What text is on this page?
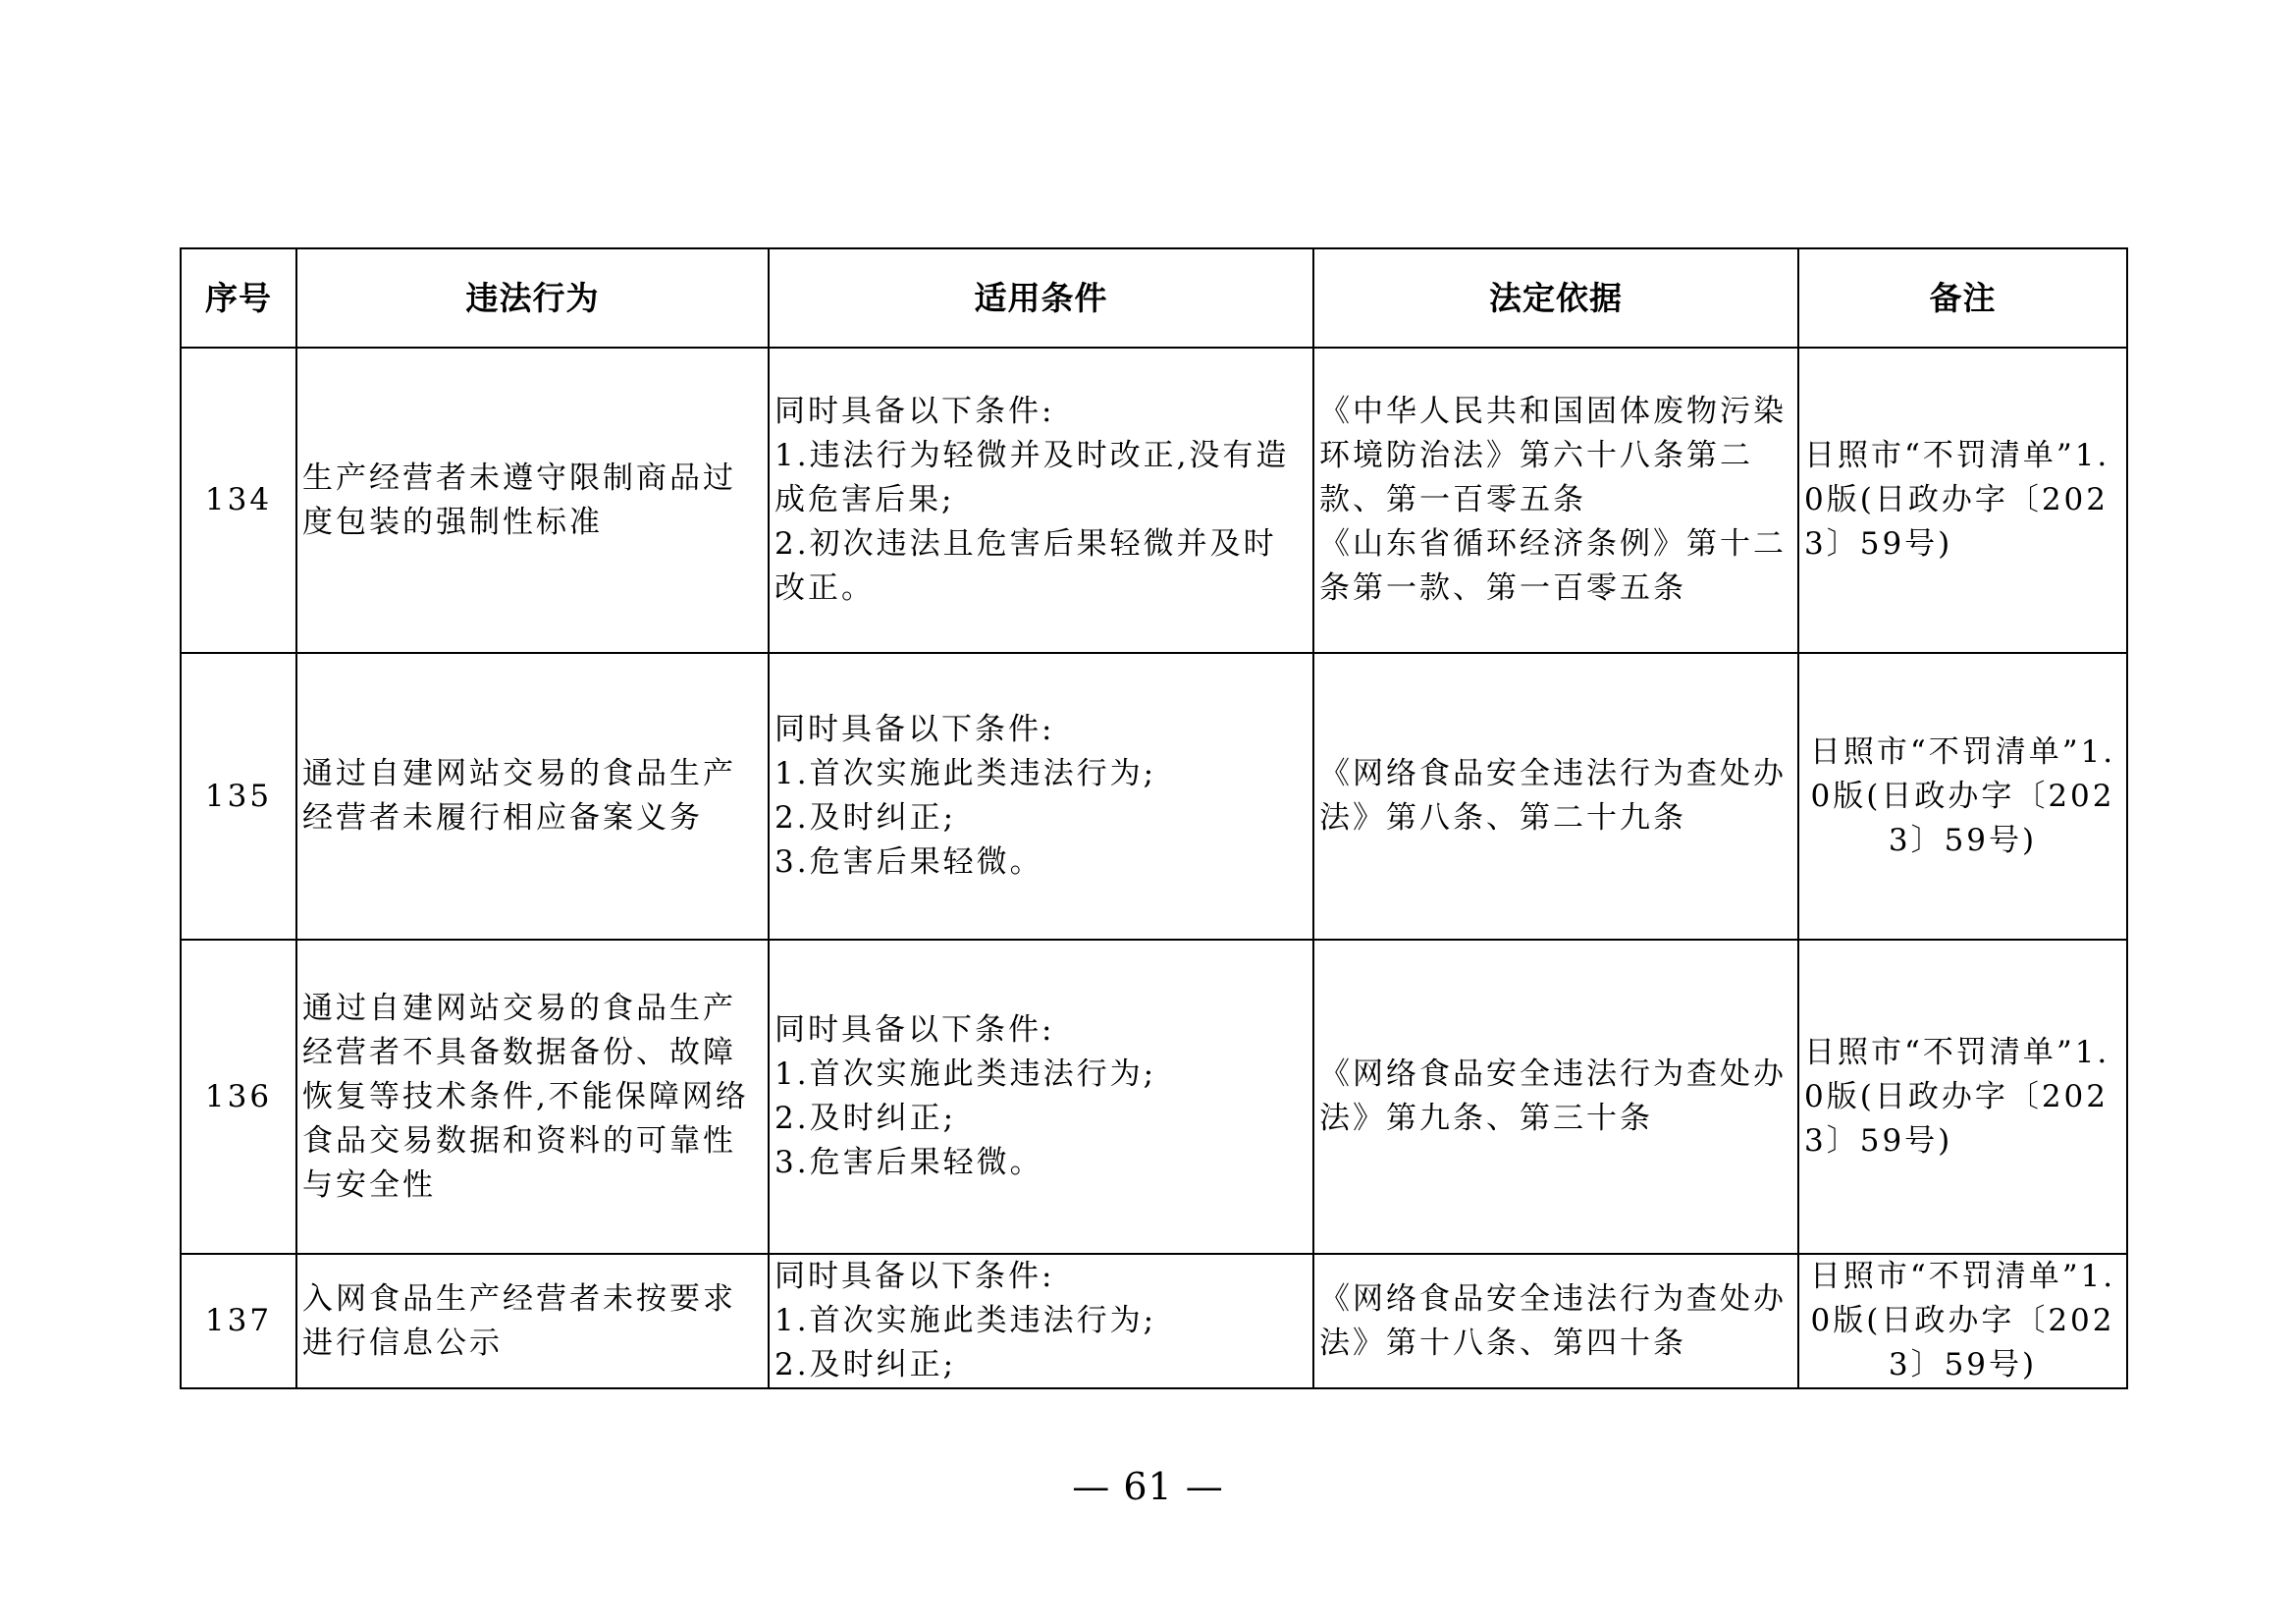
序号	违法行为	适用条件	法定依据	备注
134	生产经营者未遵守限制商品过度包装的强制性标准	同时具备以下条件:
1.违法行为轻微并及时改正,没有造成危害后果;
2.初次违法且危害后果轻微并及时改正。	《中华人民共和国固体废物污染环境防治法》第六十八条第二款、第一百零五条
《山东省循环经济条例》第十二条第一款、第一百零五条	日照市“不罚清单”1.0版(日政办字〔2023〕59号)
135	通过自建网站交易的食品生产经营者未履行相应备案义务	同时具备以下条件:
1.首次实施此类违法行为;
2.及时纠正;
3.危害后果轻微。	《网络食品安全违法行为查处办法》第八条、第二十九条	日照市“不罚清单”1.0版(日政办字〔2023〕59号)
136	通过自建网站交易的食品生产经营者不具备数据备份、故障恢复等技术条件,不能保障网络食品交易数据和资料的可靠性与安全性	同时具备以下条件:
1.首次实施此类违法行为;
2.及时纠正;
3.危害后果轻微。	《网络食品安全违法行为查处办法》第九条、第三十条	日照市“不罚清单”1.0版(日政办字〔2023〕59号)
137	入网食品生产经营者未按要求进行信息公示	同时具备以下条件:
1.首次实施此类违法行为;
2.及时纠正;	《网络食品安全违法行为查处办法》第十八条、第四十条	日照市“不罚清单”1.0版(日政办字〔2023〕59号)
— 61 —
